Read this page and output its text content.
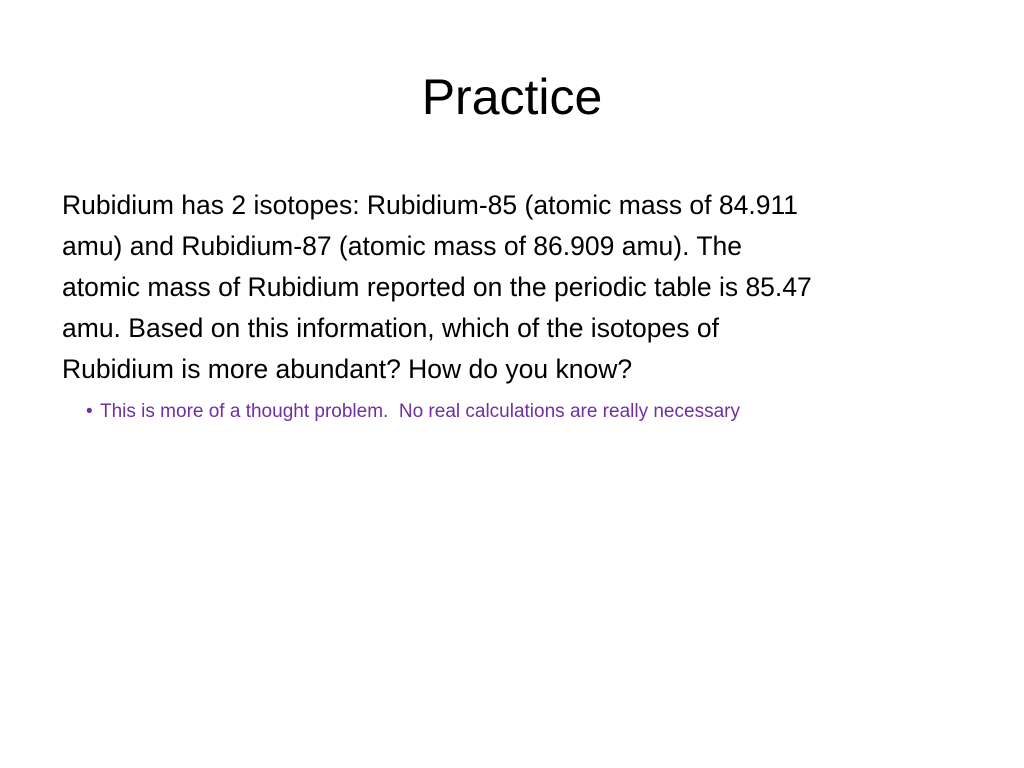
Practice

Rubidium has 2 isotopes: Rubidium-85 (atomic mass of 84.911
amu) and Rubidium-87 (atomic mass of 86.909 amu). The
atomic mass of Rubidium reported on the periodic table is 85.47
amu. Based on this information, which of the isotopes of
Rubidium is more abundant? How do you know?

• This is more of a thought problem.  No real calculations are really necessary
